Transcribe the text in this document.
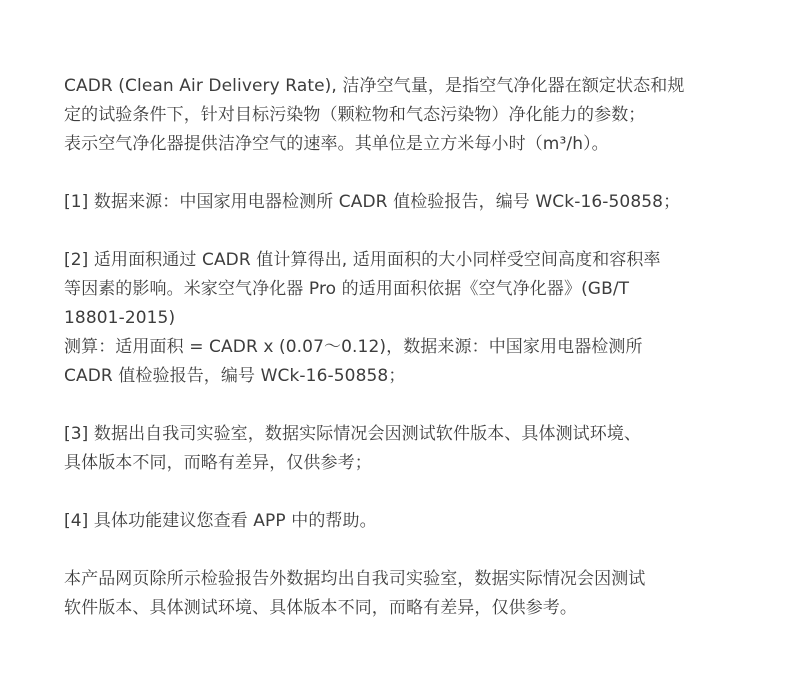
CADR (Clean Air Delivery Rate), 洁净空气量，是指空气净化器在额定状态和规
定的试验条件下，针对目标污染物（颗粒物和气态污染物）净化能力的参数；
表示空气净化器提供洁净空气的速率。其单位是立方米每小时（m³/h）。
[1] 数据来源：中国家用电器检测所 CADR 值检验报告，编号 WCk-16-50858；
[2] 适用面积通过 CADR 值计算得出, 适用面积的大小同样受空间高度和容积率
等因素的影响。米家空气净化器 Pro 的适用面积依据《空气净化器》(GB/T
18801-2015)
测算：适用面积 = CADR x (0.07～0.12)，数据来源：中国家用电器检测所
CADR 值检验报告，编号 WCk-16-50858；
[3] 数据出自我司实验室，数据实际情况会因测试软件版本、具体测试环境、
具体版本不同，而略有差异，仅供参考；
[4] 具体功能建议您查看 APP 中的帮助。
本产品网页除所示检验报告外数据均出自我司实验室，数据实际情况会因测试
软件版本、具体测试环境、具体版本不同，而略有差异，仅供参考。
